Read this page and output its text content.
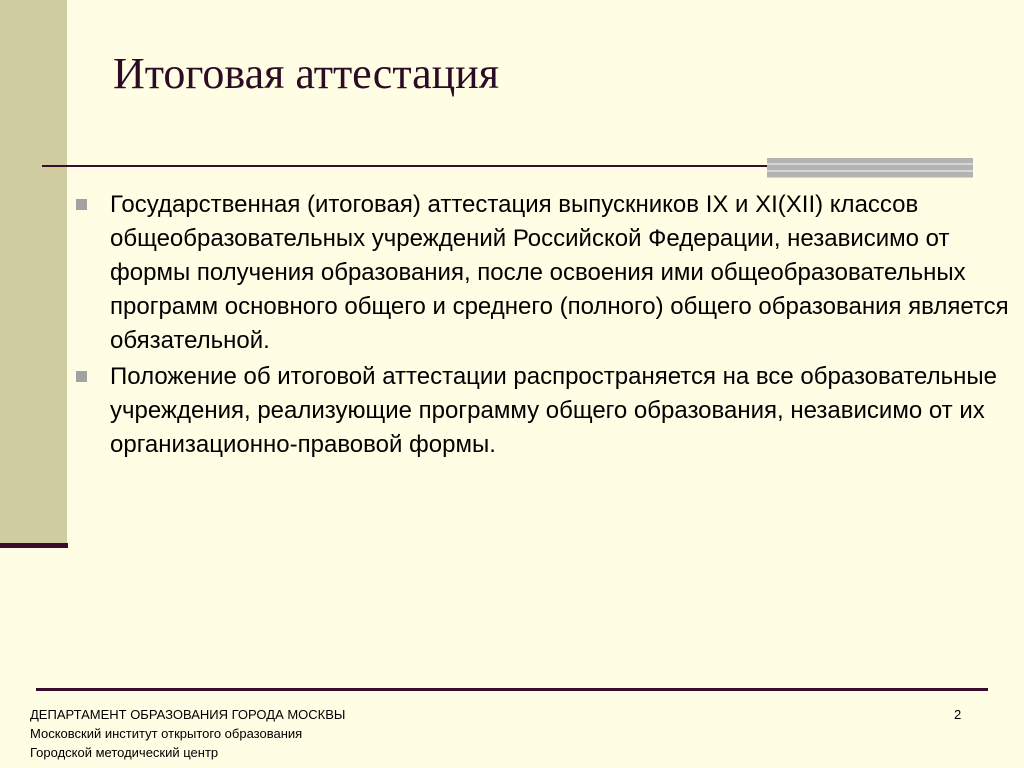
Итоговая аттестация
Государственная (итоговая) аттестация выпускников IX и XI(XII) классов общеобразовательных учреждений Российской Федерации, независимо от формы получения образования, после освоения ими общеобразовательных программ основного общего и среднего (полного) общего образования является обязательной.
Положение об итоговой аттестации распространяется на все образовательные учреждения, реализующие программу общего образования, независимо от их организационно-правовой формы.
ДЕПАРТАМЕНТ ОБРАЗОВАНИЯ ГОРОДА МОСКВЫ
Московский институт открытого образования
Городской методический центр
2
